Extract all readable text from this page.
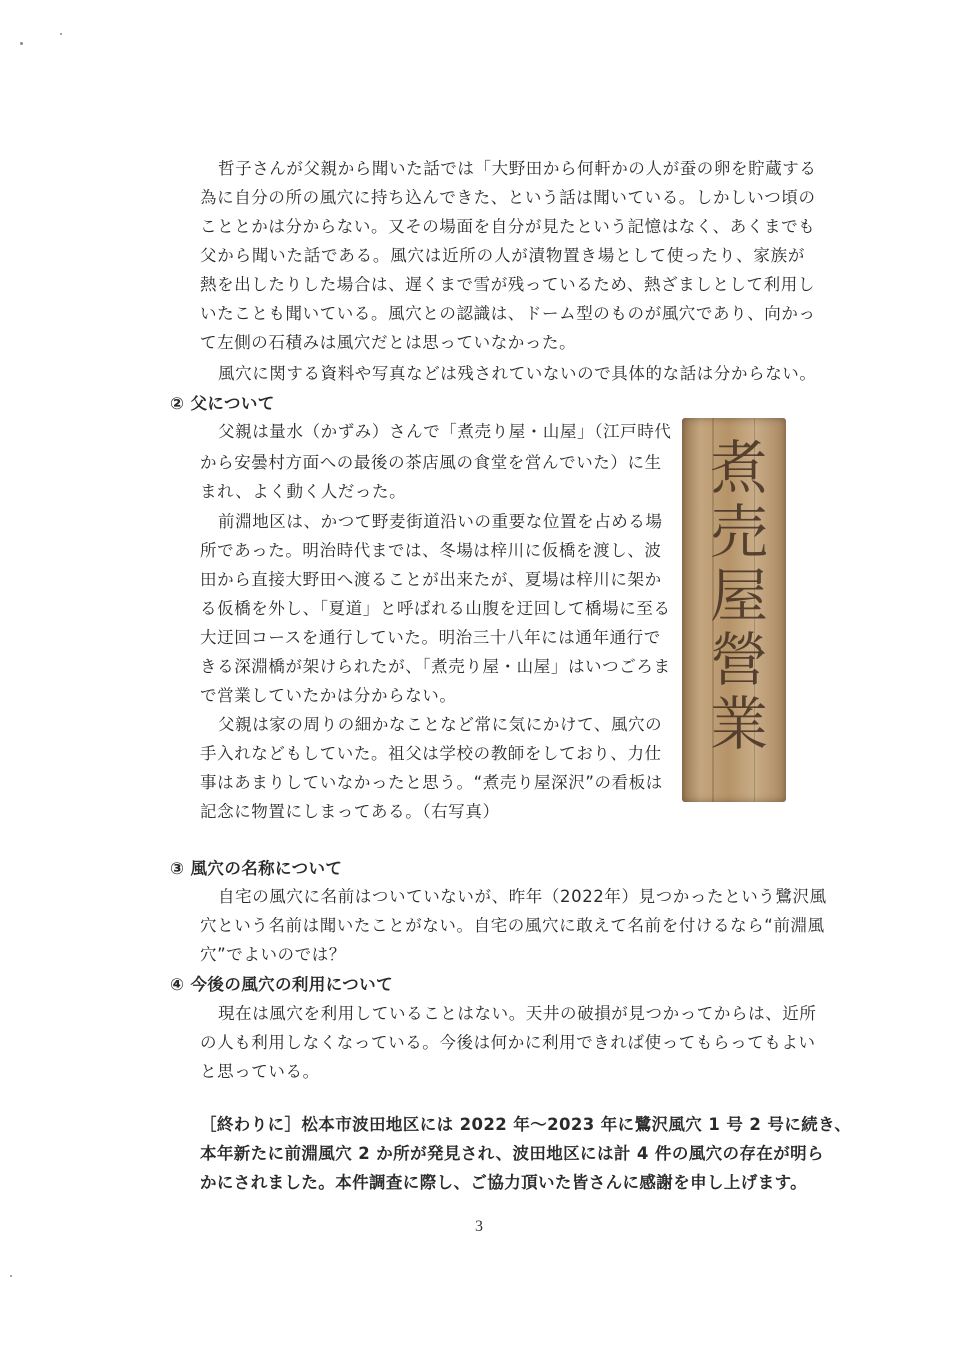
哲子さんが父親から聞いた話では「大野田から何軒かの人が蚕の卵を貯蔵する
為に自分の所の風穴に持ち込んできた、という話は聞いている。しかしいつ頃の
こととかは分からない。又その場面を自分が見たという記憶はなく、あくまでも
父から聞いた話である。風穴は近所の人が漬物置き場として使ったり、家族が
熱を出したりした場合は、遅くまで雪が残っているため、熱ざましとして利用し
いたことも聞いている。風穴との認識は、ドーム型のものが風穴であり、向かっ
て左側の石積みは風穴だとは思っていなかった。
風穴に関する資料や写真などは残されていないので具体的な話は分からない。
② 父について
父親は量水（かずみ）さんで「煮売り屋・山屋」（江戸時代
から安曇村方面への最後の茶店風の食堂を営んでいた）に生
まれ、よく動く人だった。
前淵地区は、かつて野麦街道沿いの重要な位置を占める場
所であった。明治時代までは、冬場は梓川に仮橋を渡し、波
田から直接大野田へ渡ることが出来たが、夏場は梓川に架か
る仮橋を外し、「夏道」と呼ばれる山腹を迂回して橋場に至る
大迂回コースを通行していた。明治三十八年には通年通行で
きる深淵橋が架けられたが、「煮売り屋・山屋」はいつごろま
で営業していたかは分からない。
父親は家の周りの細かなことなど常に気にかけて、風穴の
手入れなどもしていた。祖父は学校の教師をしており、力仕
事はあまりしていなかったと思う。“煮売り屋深沢”の看板は
記念に物置にしまってある。（右写真）
煮売屋營業
③ 風穴の名称について
自宅の風穴に名前はついていないが、昨年（2022年）見つかったという鷺沢風
穴という名前は聞いたことがない。自宅の風穴に敢えて名前を付けるなら“前淵風
穴”でよいのでは？
④ 今後の風穴の利用について
現在は風穴を利用していることはない。天井の破損が見つかってからは、近所
の人も利用しなくなっている。今後は何かに利用できれば使ってもらってもよい
と思っている。
［終わりに］松本市波田地区には 2022 年～2023 年に鷺沢風穴 1 号 2 号に続き、
本年新たに前淵風穴 2 か所が発見され、波田地区には計 4 件の風穴の存在が明ら
かにされました。本件調査に際し、ご協力頂いた皆さんに感謝を申し上げます。
3
